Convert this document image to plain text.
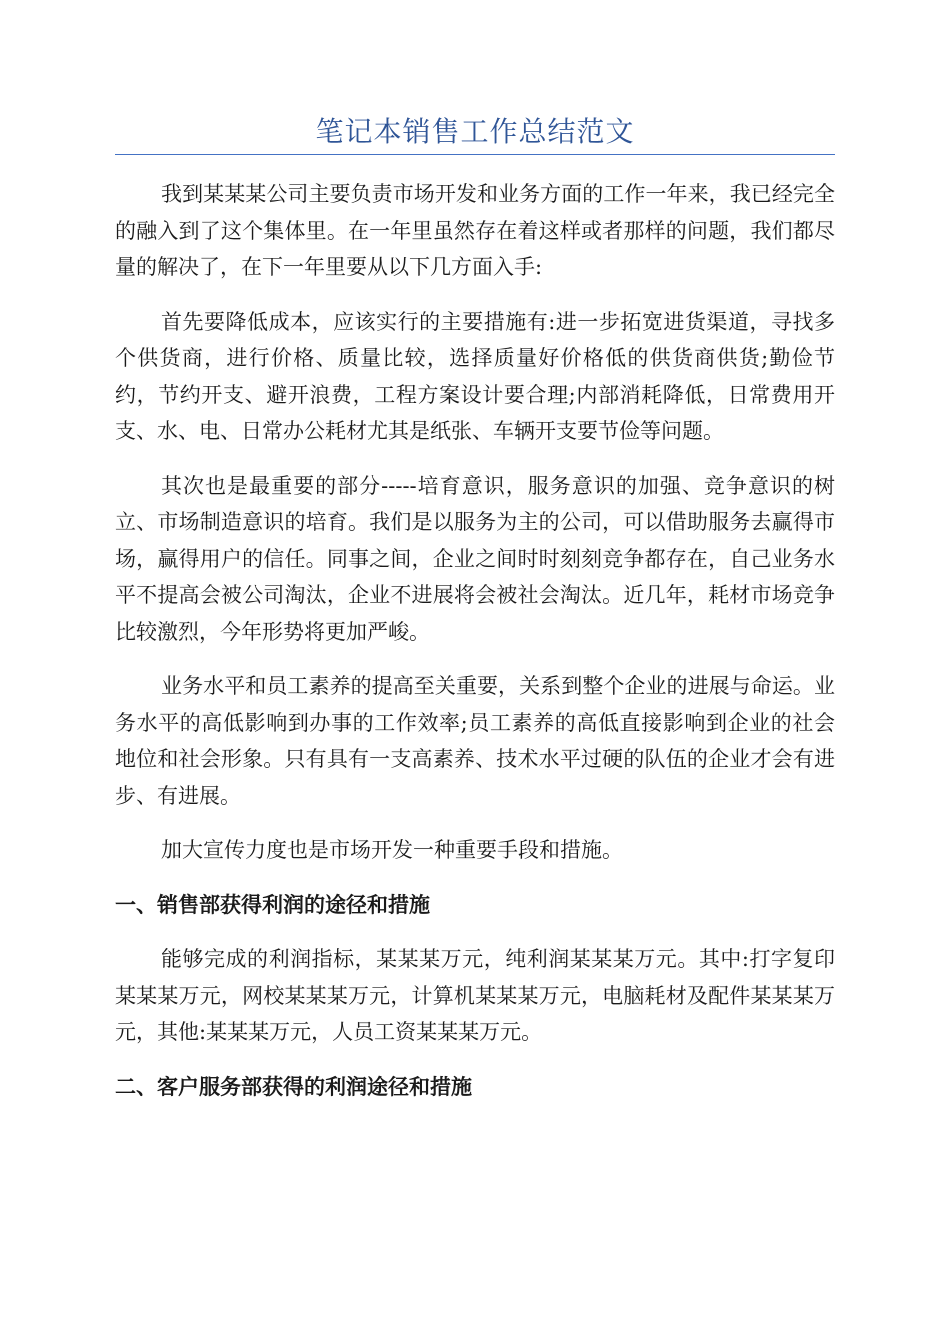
笔记本销售工作总结范文

我到某某某公司主要负责市场开发和业务方面的工作一年来，我已经完全的融入到了这个集体里。在一年里虽然存在着这样或者那样的问题，我们都尽量的解决了，在下一年里要从以下几方面入手:

首先要降低成本，应该实行的主要措施有:进一步拓宽进货渠道，寻找多个供货商，进行价格、质量比较，选择质量好价格低的供货商供货;勤俭节约，节约开支、避开浪费，工程方案设计要合理;内部消耗降低，日常费用开支、水、电、日常办公耗材尤其是纸张、车辆开支要节俭等问题。

其次也是最重要的部分-----培育意识，服务意识的加强、竞争意识的树立、市场制造意识的培育。我们是以服务为主的公司，可以借助服务去赢得市场，赢得用户的信任。同事之间，企业之间时时刻刻竞争都存在，自己业务水平不提高会被公司淘汰，企业不进展将会被社会淘汰。近几年，耗材市场竞争比较激烈，今年形势将更加严峻。

业务水平和员工素养的提高至关重要，关系到整个企业的进展与命运。业务水平的高低影响到办事的工作效率;员工素养的高低直接影响到企业的社会地位和社会形象。只有具有一支高素养、技术水平过硬的队伍的企业才会有进步、有进展。

加大宣传力度也是市场开发一种重要手段和措施。

一、销售部获得利润的途径和措施

能够完成的利润指标，某某某万元，纯利润某某某万元。其中:打字复印某某某万元，网校某某某万元，计算机某某某万元，电脑耗材及配件某某某万元，其他:某某某万元，人员工资某某某万元。

二、客户服务部获得的利润途径和措施
